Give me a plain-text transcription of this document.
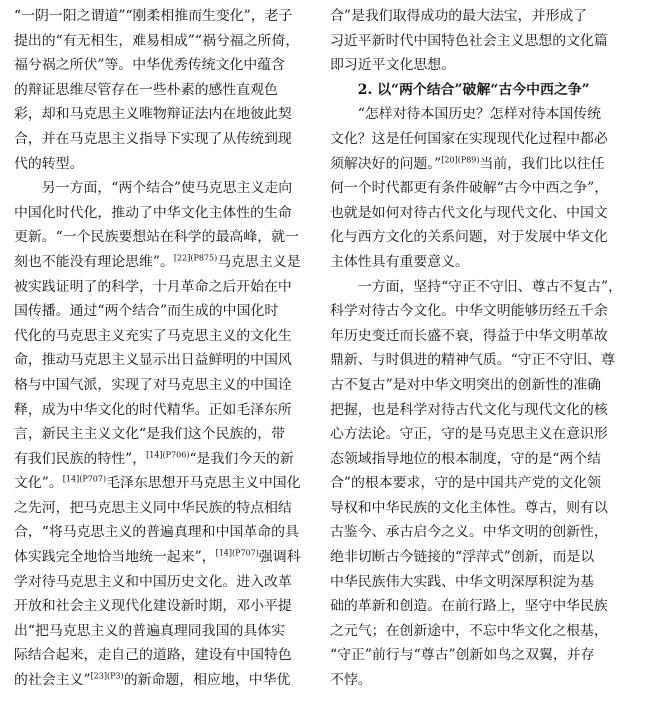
“一阴一阳之谓道”“刚柔相推而生变化”，老子
提出的“有无相生，难易相成”“祸兮福之所倚，
福兮祸之所伏”等。中华优秀传统文化中蕴含
的辩证思维尽管存在一些朴素的感性直观色
彩，却和马克思主义唯物辩证法内在地彼此契
合，并在马克思主义指导下实现了从传统到现
代的转型。
　　另一方面，“两个结合”使马克思主义走向
中国化时代化，推动了中华文化主体性的生命
更新。“一个民族要想站在科学的最高峰，就一
刻也不能没有理论思维”。$^{[22](P875)}$马克思主义是
被实践证明了的科学，十月革命之后开始在中
国传播。通过“两个结合”而生成的中国化时
代化的马克思主义充实了马克思主义的文化生
命，推动马克思主义显示出日益鲜明的中国风
格与中国气派，实现了对马克思主义的中国诠
释，成为中华文化的时代精华。正如毛泽东所
言，新民主主义文化“是我们这个民族的，带
有我们民族的特性”，$^{[14](P706)}$“是我们今天的新
文化”。$^{[14](P707)}$毛泽东思想开马克思主义中国化
之先河，把马克思主义同中华民族的特点相结
合，“将马克思主义的普遍真理和中国革命的具
体实践完全地恰当地统一起来”，$^{[14](P707)}$强调科
学对待马克思主义和中国历史文化。进入改革
开放和社会主义现代化建设新时期，邓小平提
出“把马克思主义的普遍真理同我国的具体实
际结合起来，走自己的道路，建设有中国特色
的社会主义”$^{[23](P3)}$的新命题，相应地，中华优
合”是我们取得成功的最大法宝，并形成了
习近平新时代中国特色社会主义思想的文化篇
即习近平文化思想。
　　2. 以“两个结合”破解“古今中西之争”
　　“怎样对待本国历史？怎样对待本国传统
文化？这是任何国家在实现现代化过程中都必
须解决好的问题。”$^{[20](P89)}$当前，我们比以往任
何一个时代都更有条件破解“古今中西之争”，
也就是如何对待古代文化与现代文化、中国文
化与西方文化的关系问题，对于发展中华文化
主体性具有重要意义。
　　一方面，坚持“守正不守旧、尊古不复古”，
科学对待古今文化。中华文明能够历经五千余
年历史变迁而长盛不衰，得益于中华文明革故
鼎新、与时俱进的精神气质。“守正不守旧、尊
古不复古”是对中华文明突出的创新性的准确
把握，也是科学对待古代文化与现代文化的核
心方法论。守正，守的是马克思主义在意识形
态领域指导地位的根本制度，守的是“两个结
合”的根本要求，守的是中国共产党的文化领
导权和中华民族的文化主体性。尊古，则有以
古鉴今、承古启今之义。中华文明的创新性，
绝非切断古今链接的“浮萍式”创新，而是以
中华民族伟大实践、中华文明深厚积淀为基
础的革新和创造。在前行路上，坚守中华民族
之元气；在创新途中，不忘中华文化之根基，
“守正”前行与“尊古”创新如鸟之双翼，并存
不悖。
